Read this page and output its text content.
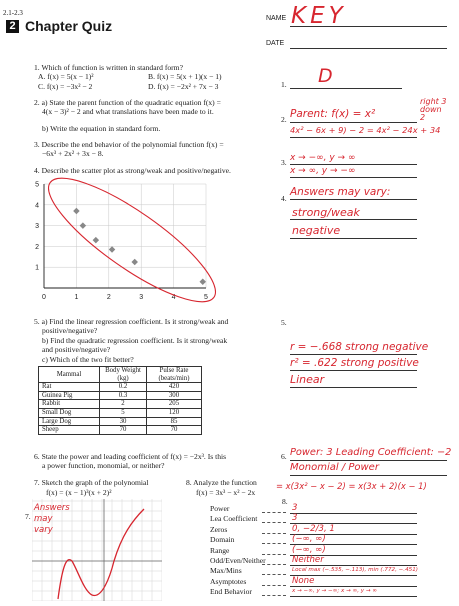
2.1-2.3
2 Chapter Quiz	NAME KEY
DATE
1. Which of function is written in standard form?
A. f(x) = 5(x − 1)²	B. f(x) = 5(x + 1)(x − 1)
C. f(x) = −3x² − 2	D. f(x) = −2x² + 7x − 3
2. a) State the parent function of the quadratic equation f(x) =
4(x − 3)² − 2 and what translations have been made to it.
b) Write the equation in standard form.
3. Describe the end behavior of the polynomial function f(x) =
−6x³ + 2x² + 3x − 8.
4. Describe the scatter plot as strong/weak and positive/negative.
0	1	2	3	4	5
1
2
3
4
5
5. a) Find the linear regression coefficient. Is it strong/weak and
positive/negative?
b) Find the quadratic regression coefficient. Is it strong/weak
and positive/negative?
c) Which of the two fit better?
Mammal	Body Weight (kg)	Pulse Rate (beats/min)
Rat	0.2	420
Guinea Pig	0.3	300
Rabbit	2	205
Small Dog	5	120
Large Dog	30	85
Sheep	70	70
6. State the power and leading coefficient of f(x) = −2x³. Is this
a power function, monomial, or neither?
7. Sketch the graph of the polynomial
f(x) = (x − 1)³(x + 2)²
7.
Answers may vary
8. Analyze the function
f(x) = 3x³ − x² − 2x
8.
Power	3
Lea Coefficient	3
Zeros	0, −2/3, 1
Domain	(−∞, ∞)
Range	(−∞, ∞)
Odd/Even/Neither	Neither
Max/Mins	Local max (−.535, −.113), min (.772, −.451)
Asymptotes	None
End Behavior	x → −∞, y → −∞; x → ∞, y → ∞
1. D
2. Parent: f(x) = x²
right 3 down 2
4x² − 6x + 9) − 2 = 4x² − 24x + 34
3. x → −∞, y → ∞
x → ∞, y → −∞
4.
Answers may vary:
strong/weak
negative
5.
r = −.668 strong negative
r² = .622 strong positive
Linear
6. Power: 3 Leading Coefficient: −2
Monomial / Power
= x(3x² − x − 2) = x(3x + 2)(x − 1)
